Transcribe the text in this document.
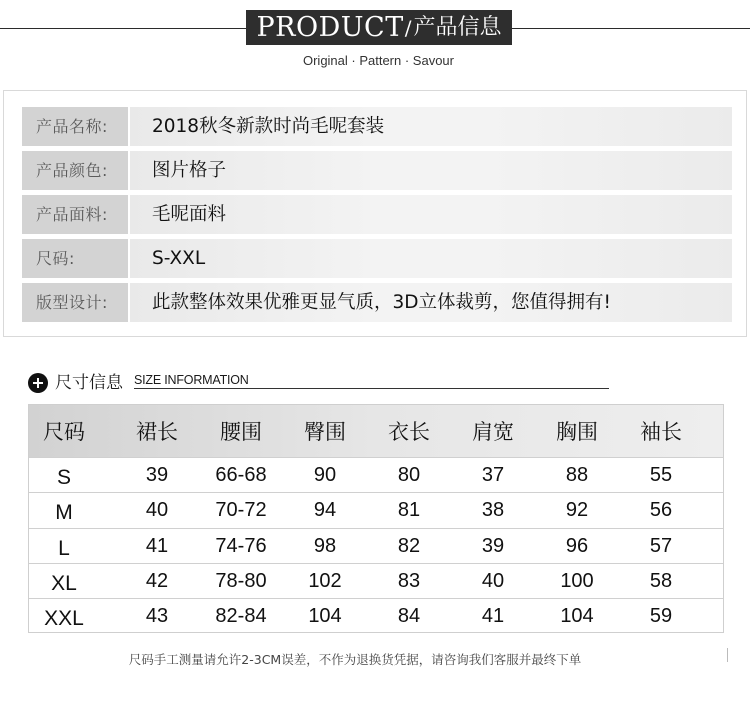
PRODUCT / 产品信息
Original · Pattern · Savour
产品名称:	2018秋冬新款时尚毛呢套装
产品颜色:	图片格子
产品面料:	毛呢面料
尺码:	S-XXL
版型设计:	此款整体效果优雅更显气质，3D立体裁剪，您值得拥有!
尺寸信息 SIZE INFORMATION
尺码	裙长	腰围	臀围	衣长	肩宽	胸围	袖长
S	39	66-68	90	80	37	88	55
M	40	70-72	94	81	38	92	56
L	41	74-76	98	82	39	96	57
XL	42	78-80	102	83	40	100	58
XXL	43	82-84	104	84	41	104	59
尺码手工测量请允许2-3CM误差，不作为退换货凭据，请咨询我们客服并最终下单
